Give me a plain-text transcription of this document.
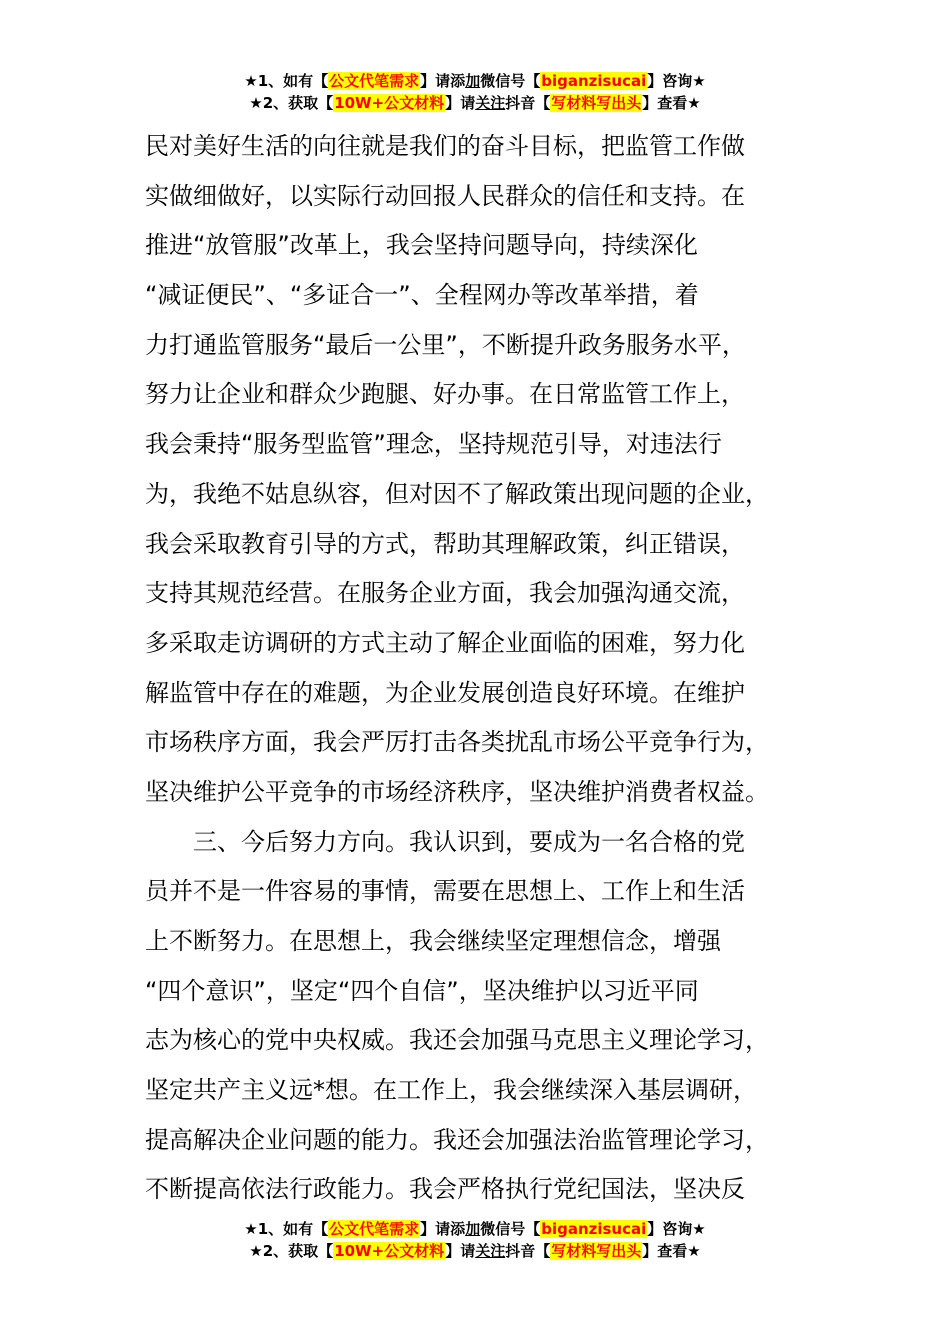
★1、如有【公文代笔需求】请添加微信号【biganzisucai】咨询★
★2、获取【10W+公文材料】请关注抖音【写材料写出头】查看★
民对美好生活的向往就是我们的奋斗目标，把监管工作做
实做细做好，以实际行动回报人民群众的信任和支持。在
推进“放管服”改革上，我会坚持问题导向，持续深化
“减证便民”、“多证合一”、全程网办等改革举措，着
力打通监管服务“最后一公里”，不断提升政务服务水平，
努力让企业和群众少跑腿、好办事。在日常监管工作上，
我会秉持“服务型监管”理念，坚持规范引导，对违法行
为，我绝不姑息纵容，但对因不了解政策出现问题的企业，
我会采取教育引导的方式，帮助其理解政策，纠正错误，
支持其规范经营。在服务企业方面，我会加强沟通交流，
多采取走访调研的方式主动了解企业面临的困难，努力化
解监管中存在的难题，为企业发展创造良好环境。在维护
市场秩序方面，我会严厉打击各类扰乱市场公平竞争行为，
坚决维护公平竞争的市场经济秩序，坚决维护消费者权益。
三、今后努力方向。我认识到，要成为一名合格的党
员并不是一件容易的事情，需要在思想上、工作上和生活
上不断努力。在思想上，我会继续坚定理想信念，增强
“四个意识”，坚定“四个自信”，坚决维护以习近平同
志为核心的党中央权威。我还会加强马克思主义理论学习，
坚定共产主义远*想。在工作上，我会继续深入基层调研，
提高解决企业问题的能力。我还会加强法治监管理论学习，
不断提高依法行政能力。我会严格执行党纪国法，坚决反
★1、如有【公文代笔需求】请添加微信号【biganzisucai】咨询★
★2、获取【10W+公文材料】请关注抖音【写材料写出头】查看★
